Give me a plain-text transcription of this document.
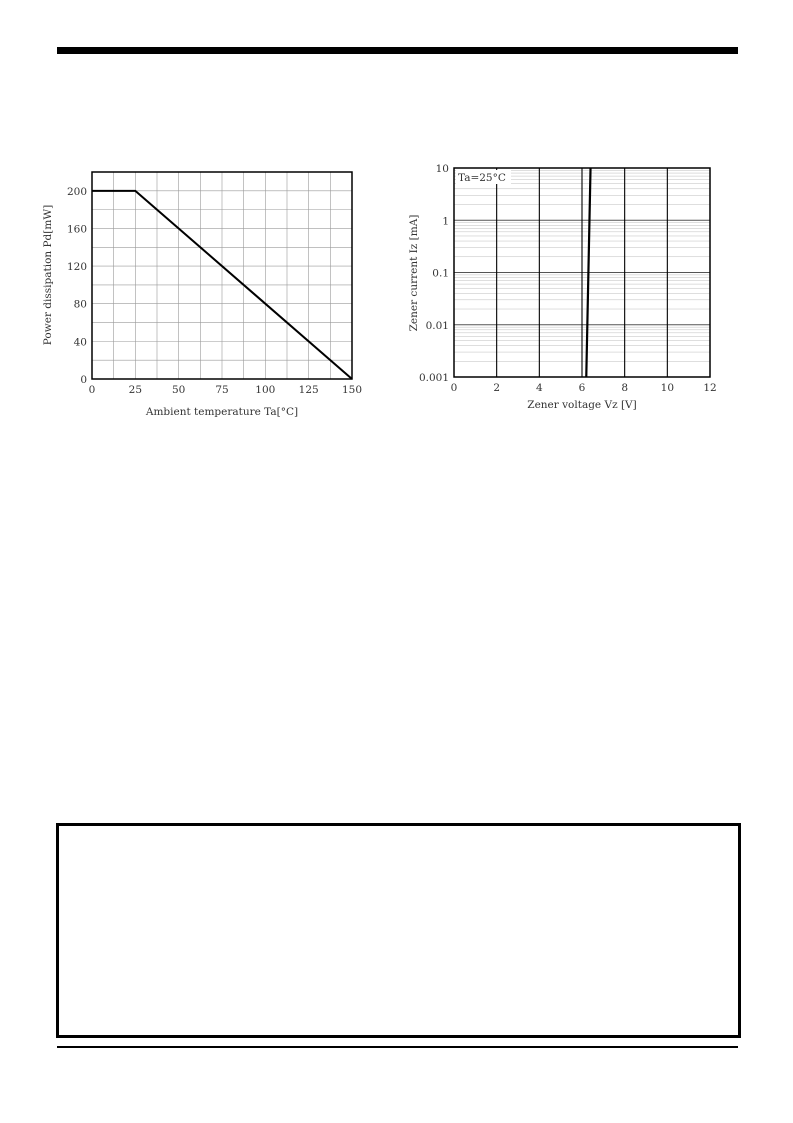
0	25	50	75	100 125 150
0
40
80
120
160
200
Ambient temperature Ta[°C]
Power dissipation Pd[mW]
Ta=25°C
0	2	4	6	8	10	12
0.001
0.01
0.1
1
10
Zener voltage Vz [V]
Zener current Iz [mA]
